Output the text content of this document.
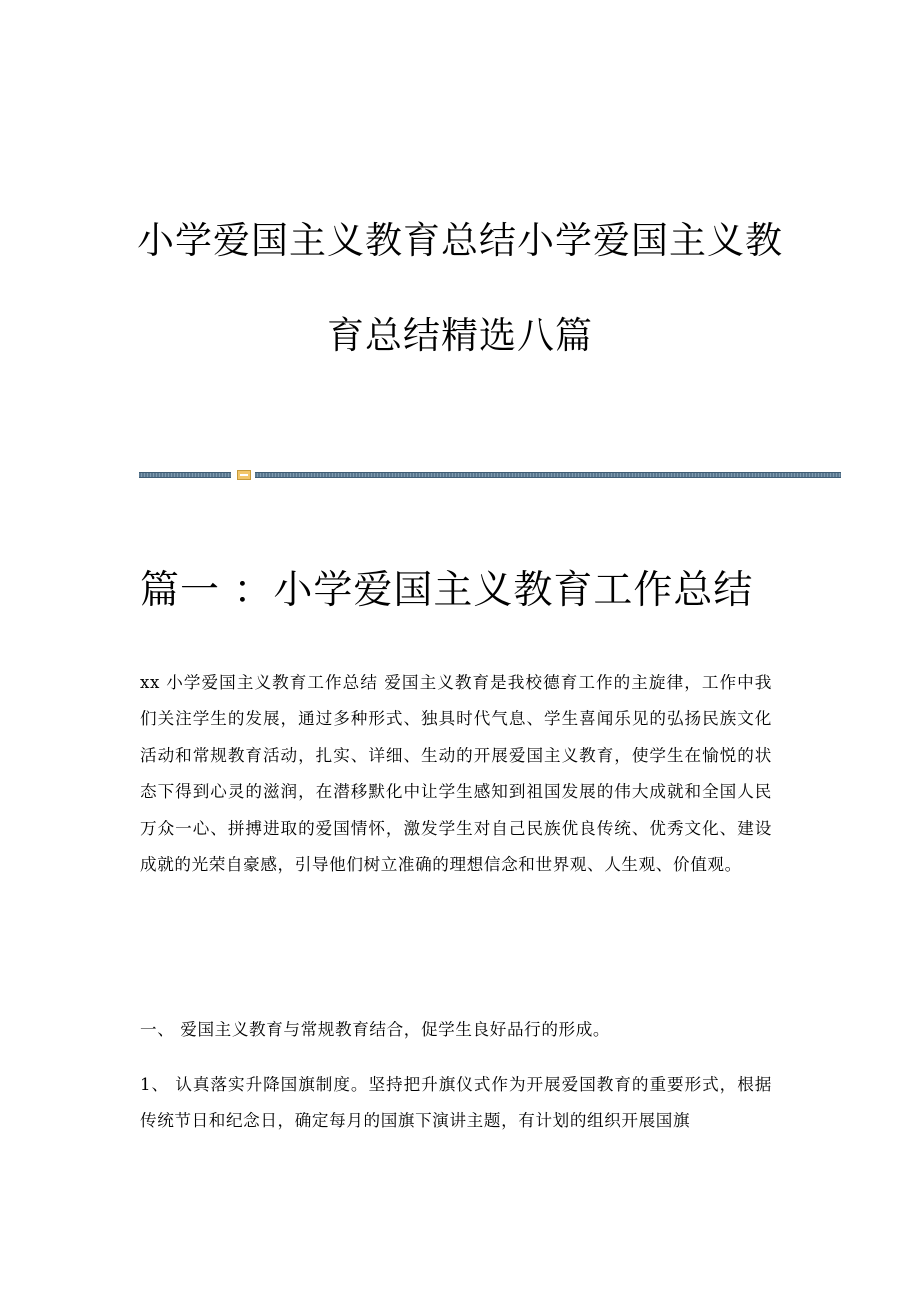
小学爱国主义教育总结小学爱国主义教
育总结精选八篇
篇一 ：小学爱国主义教育工作总结
xx 小学爱国主义教育工作总结 爱国主义教育是我校德育工作的主旋律，工作中我们关注学生的发展，通过多种形式、独具时代气息、学生喜闻乐见的弘扬民族文化活动和常规教育活动，扎实、详细、生动的开展爱国主义教育，使学生在愉悦的状态下得到心灵的滋润，在潜移默化中让学生感知到祖国发展的伟大成就和全国人民万众一心、拼搏进取的爱国情怀，激发学生对自己民族优良传统、优秀文化、建设成就的光荣自豪感，引导他们树立准确的理想信念和世界观、人生观、价值观。
一、 爱国主义教育与常规教育结合，促学生良好品行的形成。
1、 认真落实升降国旗制度。坚持把升旗仪式作为开展爱国教育的重要形式，根据传统节日和纪念日，确定每月的国旗下演讲主题，有计划的组织开展国旗
